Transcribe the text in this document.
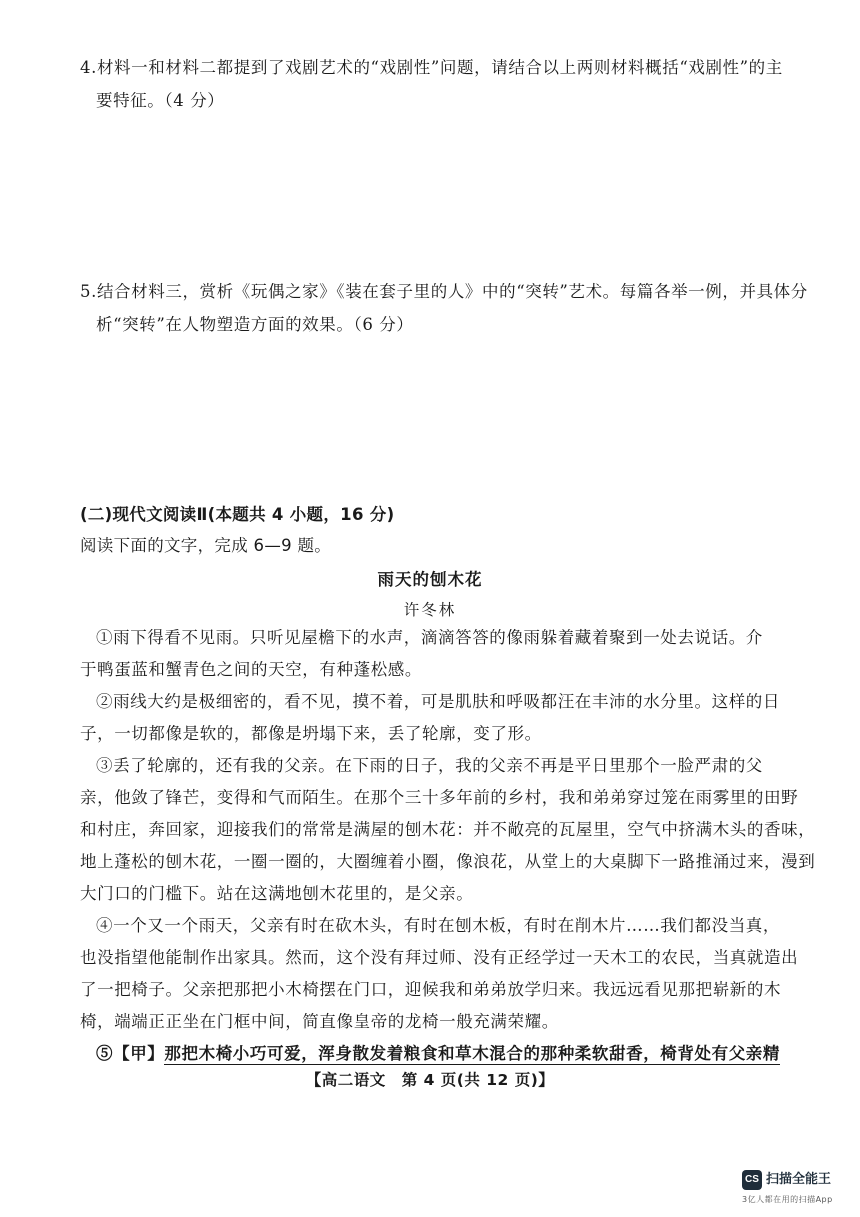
4.材料一和材料二都提到了戏剧艺术的“戏剧性”问题，请结合以上两则材料概括“戏剧性”的主
要特征。（4 分）
5.结合材料三，赏析《玩偶之家》《装在套子里的人》中的“突转”艺术。每篇各举一例，并具体分
析“突转”在人物塑造方面的效果。（6 分）
(二)现代文阅读Ⅱ(本题共 4 小题，16 分)
阅读下面的文字，完成 6—9 题。
雨天的刨木花
许冬林
①雨下得看不见雨。只听见屋檐下的水声，滴滴答答的像雨躲着藏着聚到一处去说话。介
于鸭蛋蓝和蟹青色之间的天空，有种蓬松感。
②雨线大约是极细密的，看不见，摸不着，可是肌肤和呼吸都汪在丰沛的水分里。这样的日
子，一切都像是软的，都像是坍塌下来，丢了轮廓，变了形。
③丢了轮廓的，还有我的父亲。在下雨的日子，我的父亲不再是平日里那个一脸严肃的父
亲，他敛了锋芒，变得和气而陌生。在那个三十多年前的乡村，我和弟弟穿过笼在雨雾里的田野
和村庄，奔回家，迎接我们的常常是满屋的刨木花：并不敞亮的瓦屋里，空气中挤满木头的香味，
地上蓬松的刨木花，一圈一圈的，大圈缠着小圈，像浪花，从堂上的大桌脚下一路推涌过来，漫到
大门口的门槛下。站在这满地刨木花里的，是父亲。
④一个又一个雨天，父亲有时在砍木头，有时在刨木板，有时在削木片……我们都没当真，
也没指望他能制作出家具。然而，这个没有拜过师、没有正经学过一天木工的农民，当真就造出
了一把椅子。父亲把那把小木椅摆在门口，迎候我和弟弟放学归来。我远远看见那把崭新的木
椅，端端正正坐在门框中间，简直像皇帝的龙椅一般充满荣耀。
⑤【甲】那把木椅小巧可爱，浑身散发着粮食和草木混合的那种柔软甜香，椅背处有父亲精
【高二语文　第 4 页(共 12 页)】
CS 扫描全能王
3亿人都在用的扫描App
